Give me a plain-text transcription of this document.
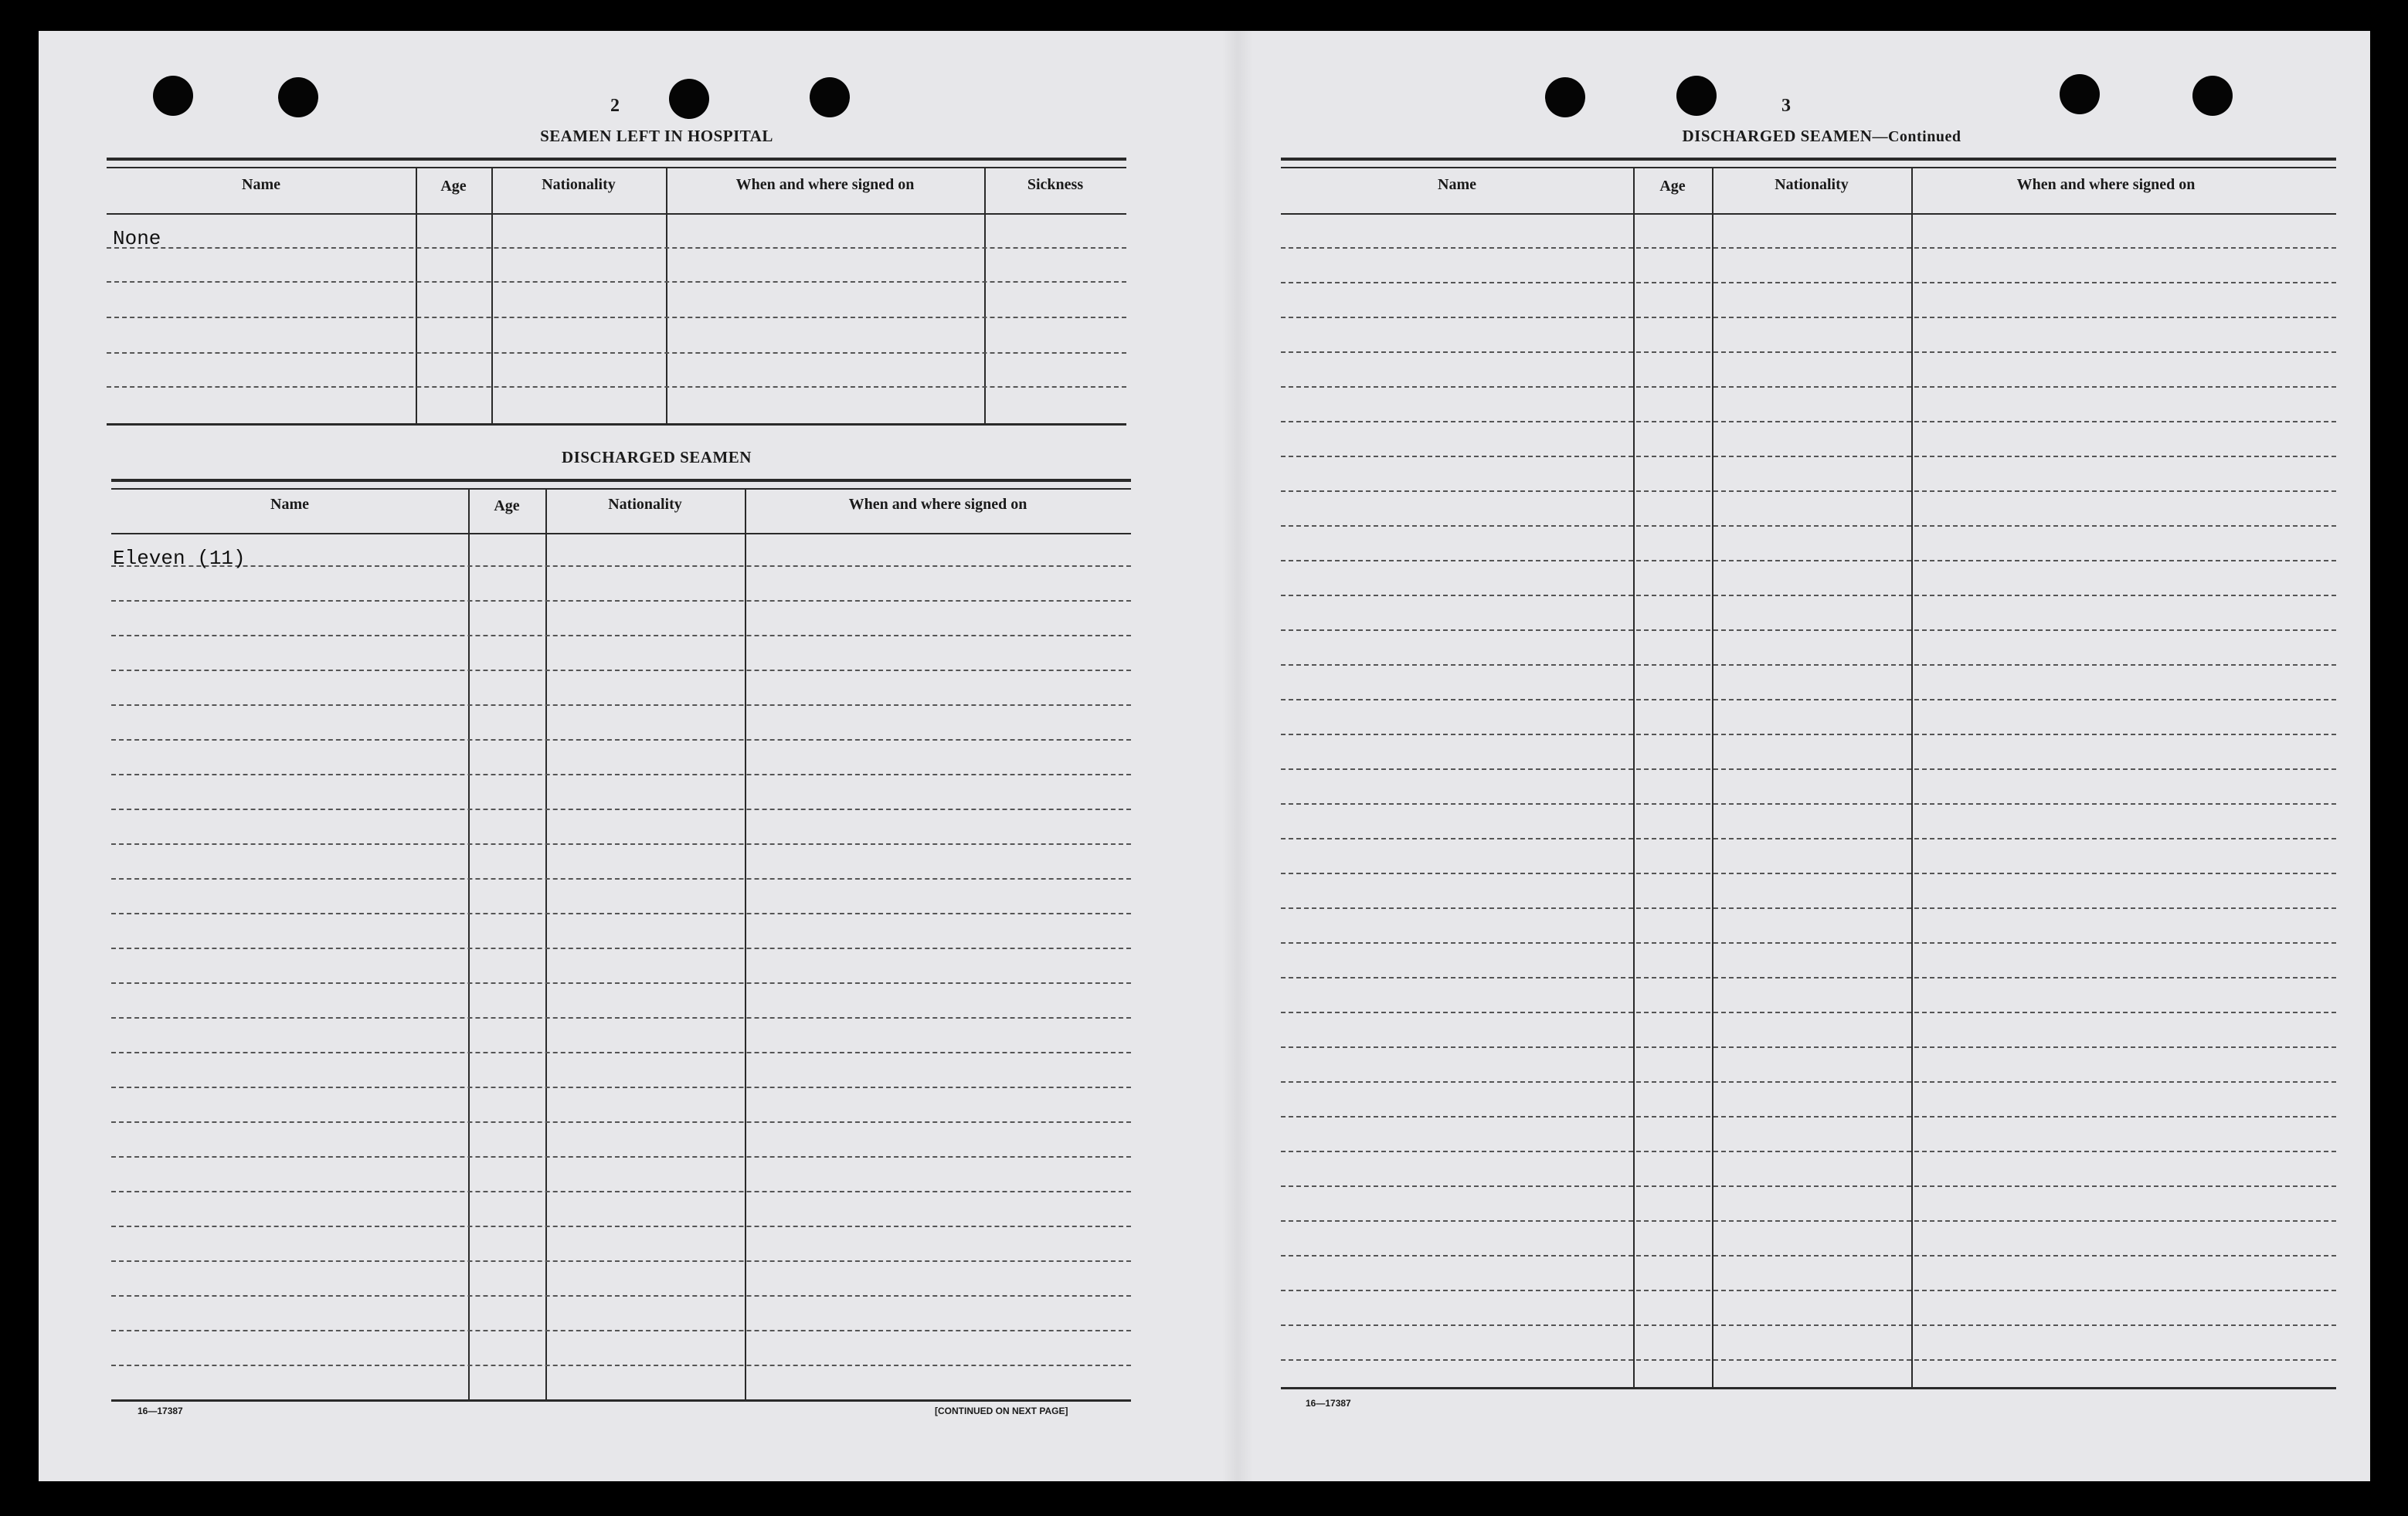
2
SEAMEN LEFT IN HOSPITAL
Name	Age	Nationality	When and where signed on	Sickness
None
DISCHARGED SEAMEN
Name	Age	Nationality	When and where signed on
Eleven (11)
16—17387	[CONTINUED ON NEXT PAGE]
3
DISCHARGED SEAMEN—Continued
Name	Age	Nationality	When and where signed on
16—17387
